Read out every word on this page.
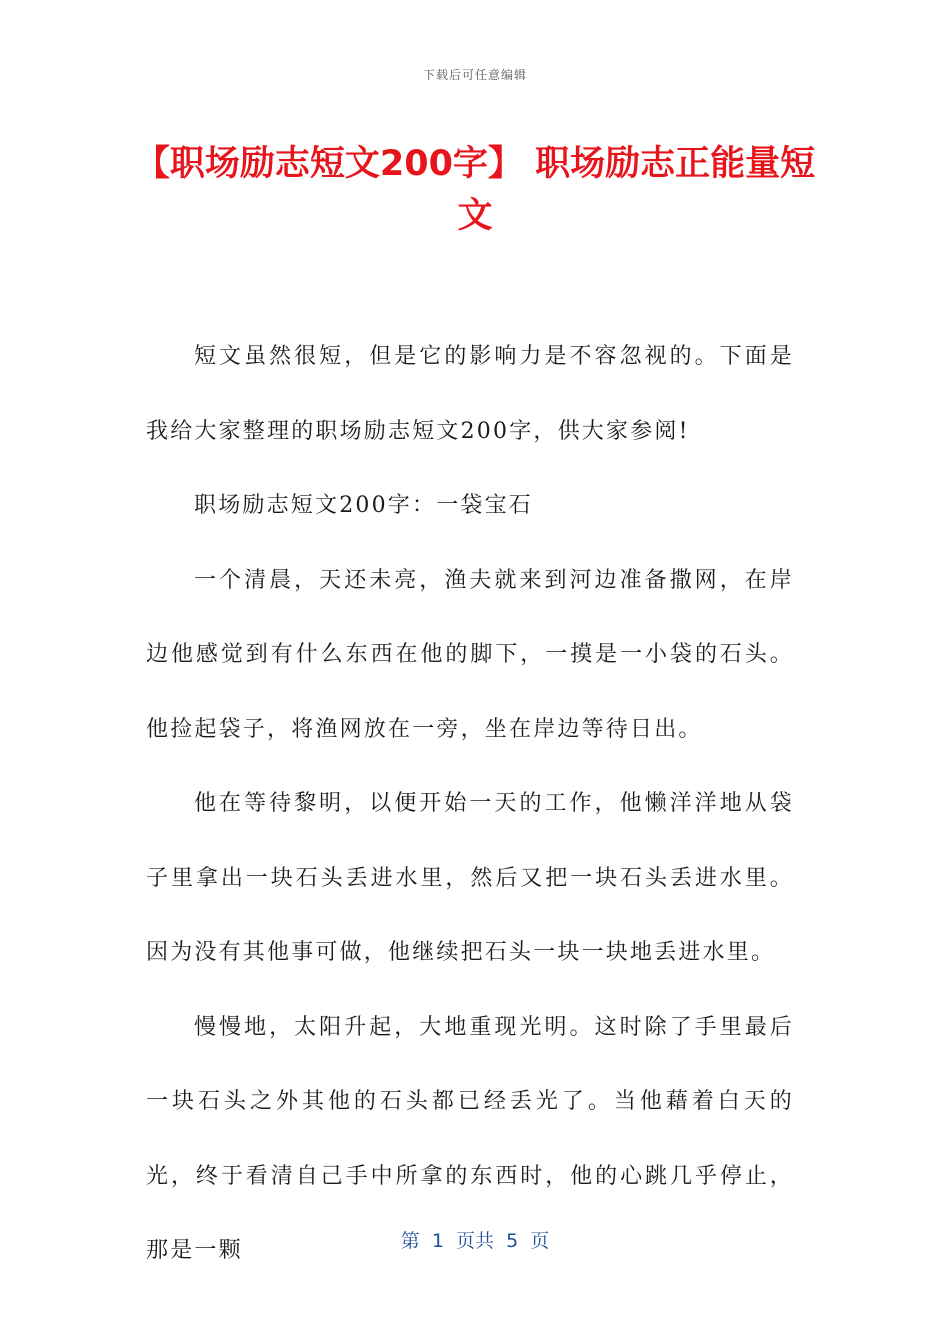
下载后可任意编辑
【职场励志短文200字】 职场励志正能量短文

短文虽然很短，但是它的影响力是不容忽视的。下面是我给大家整理的职场励志短文200字，供大家参阅!

职场励志短文200字：一袋宝石

一个清晨，天还未亮，渔夫就来到河边准备撒网，在岸边他感觉到有什么东西在他的脚下，一摸是一小袋的石头。他捡起袋子，将渔网放在一旁，坐在岸边等待日出。

他在等待黎明，以便开始一天的工作，他懒洋洋地从袋子里拿出一块石头丢进水里，然后又把一块石头丢进水里。因为没有其他事可做，他继续把石头一块一块地丢进水里。

慢慢地，太阳升起，大地重现光明。这时除了手里最后一块石头之外其他的石头都已经丢光了。当他藉着白天的光，终于看清自己手中所拿的东西时，他的心跳几乎停止，那是一颗	第  1  页共  5  页
